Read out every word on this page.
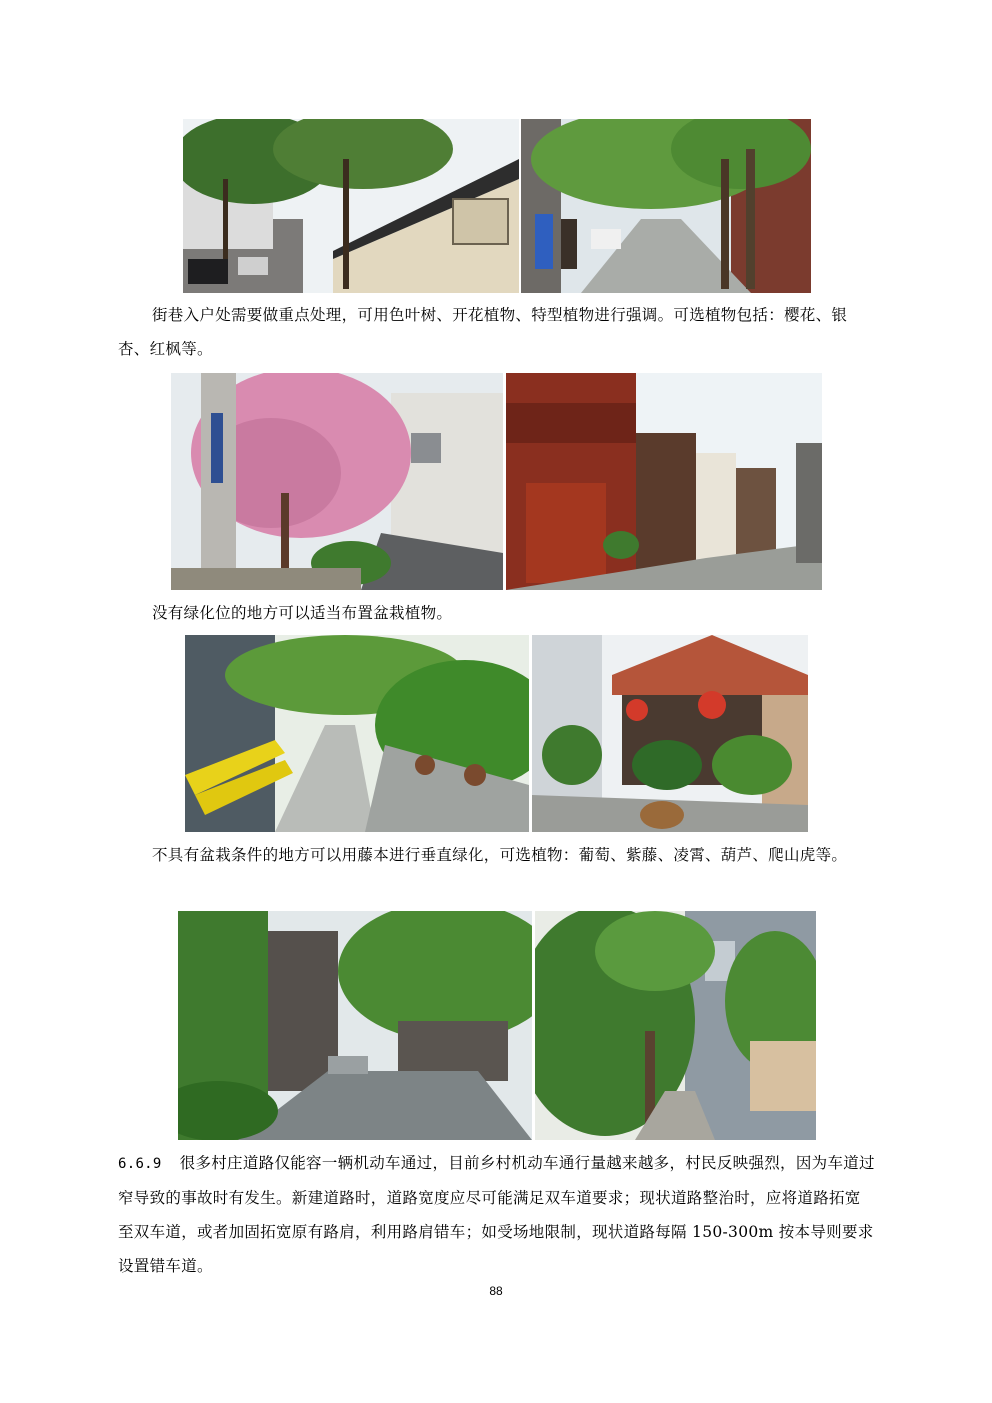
街巷入户处需要做重点处理，可用色叶树、开花植物、特型植物进行强调。可选植物包括：樱花、银杏、红枫等。

没有绿化位的地方可以适当布置盆栽植物。

不具有盆栽条件的地方可以用藤本进行垂直绿化，可选植物：葡萄、紫藤、凌霄、葫芦、爬山虎等。

6.6.9 很多村庄道路仅能容一辆机动车通过，目前乡村机动车通行量越来越多，村民反映强烈，因为车道过窄导致的事故时有发生。新建道路时，道路宽度应尽可能满足双车道要求；现状道路整治时，应将道路拓宽至双车道，或者加固拓宽原有路肩，利用路肩错车；如受场地限制，现状道路每隔 150-300m 按本导则要求设置错车道。

88
